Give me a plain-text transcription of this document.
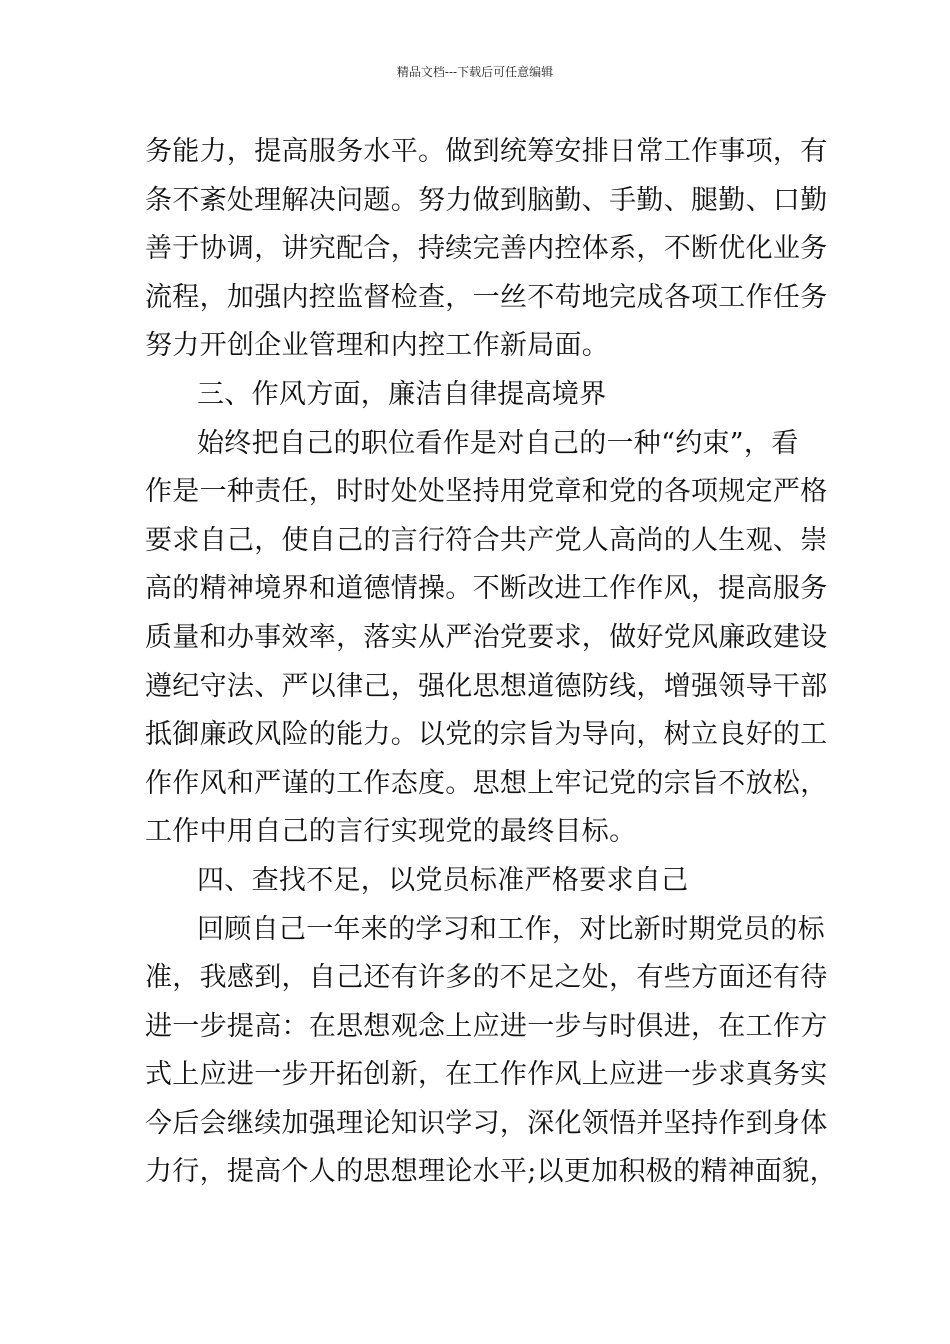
精品文档---下载后可任意编辑
务能力，提高服务水平。做到统筹安排日常工作事项，有
条不紊处理解决问题。努力做到脑勤、手勤、腿勤、口勤
善于协调，讲究配合，持续完善内控体系，不断优化业务
流程，加强内控监督检查，一丝不苟地完成各项工作任务
努力开创企业管理和内控工作新局面。
三、作风方面，廉洁自律提高境界
始终把自己的职位看作是对自己的一种“约束”，看
作是一种责任，时时处处坚持用党章和党的各项规定严格
要求自己，使自己的言行符合共产党人高尚的人生观、崇
高的精神境界和道德情操。不断改进工作作风，提高服务
质量和办事效率，落实从严治党要求，做好党风廉政建设
遵纪守法、严以律己，强化思想道德防线，增强领导干部
抵御廉政风险的能力。以党的宗旨为导向，树立良好的工
作作风和严谨的工作态度。思想上牢记党的宗旨不放松，
工作中用自己的言行实现党的最终目标。
四、查找不足，以党员标准严格要求自己
回顾自己一年来的学习和工作，对比新时期党员的标
准，我感到，自己还有许多的不足之处，有些方面还有待
进一步提高：在思想观念上应进一步与时俱进，在工作方
式上应进一步开拓创新，在工作作风上应进一步求真务实
今后会继续加强理论知识学习，深化领悟并坚持作到身体
力行，提高个人的思想理论水平;以更加积极的精神面貌，
